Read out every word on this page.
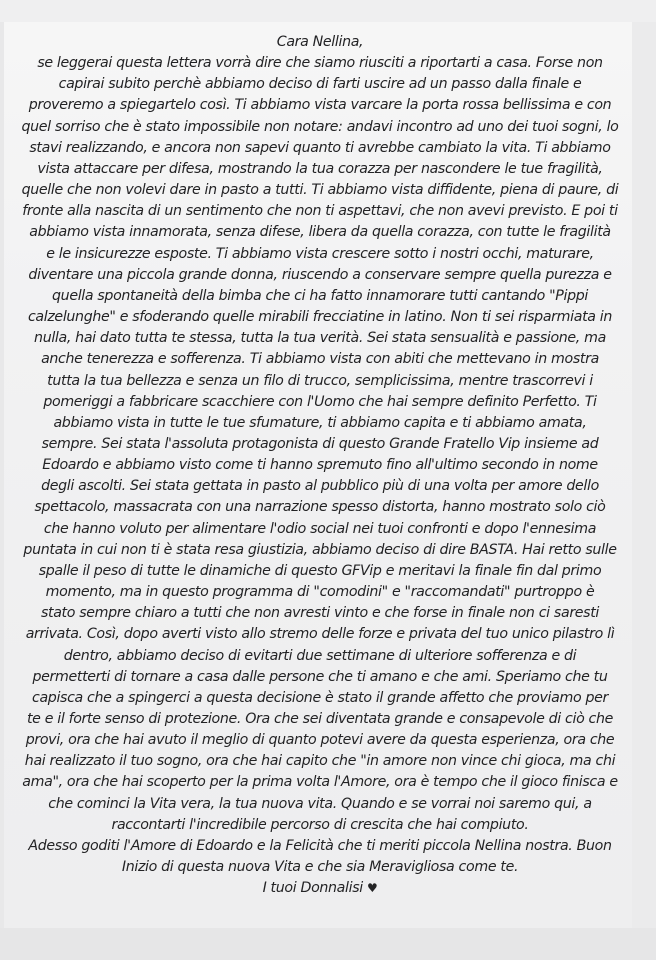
Cara Nellina,
se leggerai questa lettera vorrà dire che siamo riusciti a riportarti a casa. Forse non
capirai subito perchè abbiamo deciso di farti uscire ad un passo dalla finale e
proveremo a spiegartelo così. Ti abbiamo vista varcare la porta rossa bellissima e con
quel sorriso che è stato impossibile non notare: andavi incontro ad uno dei tuoi sogni, lo
stavi realizzando, e ancora non sapevi quanto ti avrebbe cambiato la vita. Ti abbiamo
vista attaccare per difesa, mostrando la tua corazza per nascondere le tue fragilità,
quelle che non volevi dare in pasto a tutti. Ti abbiamo vista diffidente, piena di paure, di
fronte alla nascita di un sentimento che non ti aspettavi, che non avevi previsto. E poi ti
abbiamo vista innamorata, senza difese, libera da quella corazza, con tutte le fragilità
e le insicurezze esposte. Ti abbiamo vista crescere sotto i nostri occhi, maturare,
diventare una piccola grande donna, riuscendo a conservare sempre quella purezza e
quella spontaneità della bimba che ci ha fatto innamorare tutti cantando "Pippi
calzelunghe" e sfoderando quelle mirabili frecciatine in latino. Non ti sei risparmiata in
nulla, hai dato tutta te stessa, tutta la tua verità. Sei stata sensualità e passione, ma
anche tenerezza e sofferenza. Ti abbiamo vista con abiti che mettevano in mostra
tutta la tua bellezza e senza un filo di trucco, semplicissima, mentre trascorrevi i
pomeriggi a fabbricare scacchiere con l'Uomo che hai sempre definito Perfetto. Ti
abbiamo vista in tutte le tue sfumature, ti abbiamo capita e ti abbiamo amata,
sempre. Sei stata l'assoluta protagonista di questo Grande Fratello Vip insieme ad
Edoardo e abbiamo visto come ti hanno spremuto fino all'ultimo secondo in nome
degli ascolti. Sei stata gettata in pasto al pubblico più di una volta per amore dello
spettacolo, massacrata con una narrazione spesso distorta, hanno mostrato solo ciò
che hanno voluto per alimentare l'odio social nei tuoi confronti e dopo l'ennesima
puntata in cui non ti è stata resa giustizia, abbiamo deciso di dire BASTA. Hai retto sulle
spalle il peso di tutte le dinamiche di questo GFVip e meritavi la finale fin dal primo
momento, ma in questo programma di "comodini" e "raccomandati" purtroppo è
stato sempre chiaro a tutti che non avresti vinto e che forse in finale non ci saresti
arrivata. Così, dopo averti visto allo stremo delle forze e privata del tuo unico pilastro lì
dentro, abbiamo deciso di evitarti due settimane di ulteriore sofferenza e di
permetterti di tornare a casa dalle persone che ti amano e che ami. Speriamo che tu
capisca che a spingerci a questa decisione è stato il grande affetto che proviamo per
te e il forte senso di protezione. Ora che sei diventata grande e consapevole di ciò che
provi, ora che hai avuto il meglio di quanto potevi avere da questa esperienza, ora che
hai realizzato il tuo sogno, ora che hai capito che "in amore non vince chi gioca, ma chi
ama", ora che hai scoperto per la prima volta l'Amore, ora è tempo che il gioco finisca e
che cominci la Vita vera, la tua nuova vita. Quando e se vorrai noi saremo qui, a
raccontarti l'incredibile percorso di crescita che hai compiuto.
Adesso goditi l'Amore di Edoardo e la Felicità che ti meriti piccola Nellina nostra. Buon
Inizio di questa nuova Vita e che sia Meravigliosa come te.
I tuoi Donnalisi ♥
